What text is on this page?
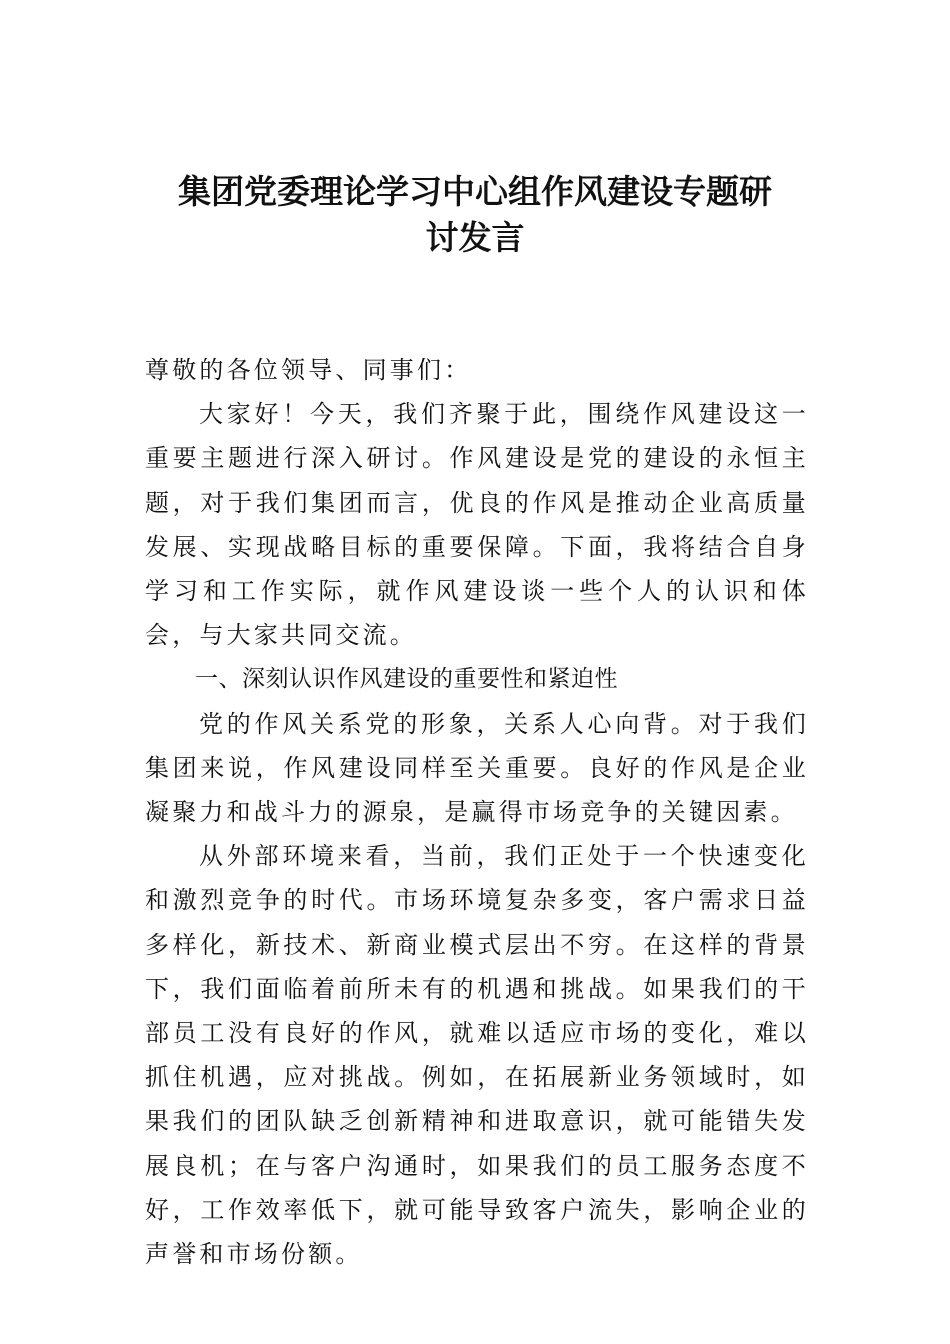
集团党委理论学习中心组作风建设专题研
讨发言

尊敬的各位领导、同事们：

大家好！今天，我们齐聚于此，围绕作风建设这一重要主题进行深入研讨。作风建设是党的建设的永恒主题，对于我们集团而言，优良的作风是推动企业高质量发展、实现战略目标的重要保障。下面，我将结合自身学习和工作实际，就作风建设谈一些个人的认识和体会，与大家共同交流。

一、深刻认识作风建设的重要性和紧迫性

党的作风关系党的形象，关系人心向背。对于我们集团来说，作风建设同样至关重要。良好的作风是企业凝聚力和战斗力的源泉，是赢得市场竞争的关键因素。

从外部环境来看，当前，我们正处于一个快速变化和激烈竞争的时代。市场环境复杂多变，客户需求日益多样化，新技术、新商业模式层出不穷。在这样的背景下，我们面临着前所未有的机遇和挑战。如果我们的干部员工没有良好的作风，就难以适应市场的变化，难以抓住机遇，应对挑战。例如，在拓展新业务领域时，如果我们的团队缺乏创新精神和进取意识，就可能错失发展良机；在与客户沟通时，如果我们的员工服务态度不好，工作效率低下，就可能导致客户流失，影响企业的声誉和市场份额。
